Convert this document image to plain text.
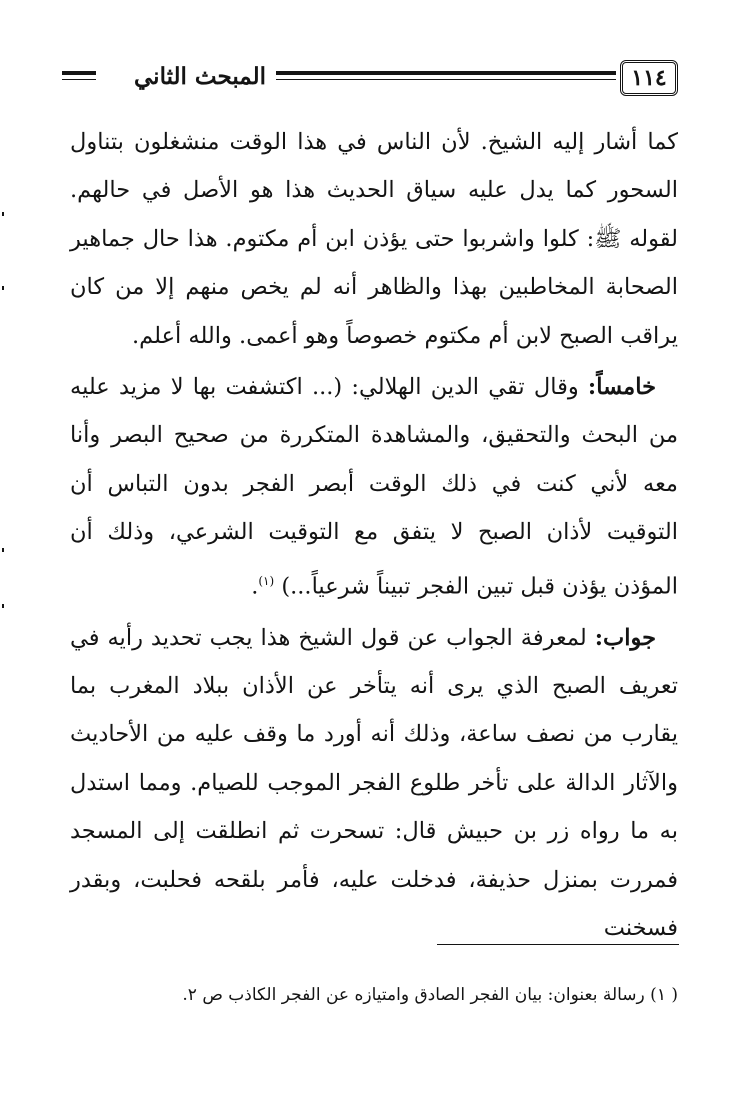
١١٤
المبحث الثاني

كما أشار إليه الشيخ. لأن الناس في هذا الوقت منشغلون بتناول السحور كما يدل عليه سياق الحديث هذا هو الأصل في حالهم. لقوله ﷺ: كلوا واشربوا حتى يؤذن ابن أم مكتوم. هذا حال جماهير الصحابة المخاطبين بهذا والظاهر أنه لم يخص منهم إلا من كان يراقب الصبح لابن أم مكتوم خصوصاً وهو أعمى. والله أعلم.

خامساً: وقال تقي الدين الهلالي: (... اكتشفت بها لا مزيد عليه من البحث والتحقيق، والمشاهدة المتكررة من صحيح البصر وأنا معه لأني كنت في ذلك الوقت أبصر الفجر بدون التباس أن التوقيت لأذان الصبح لا يتفق مع التوقيت الشرعي، وذلك أن المؤذن يؤذن قبل تبين الفجر تبيناً شرعياً...) $^{(١)}$.

جواب: لمعرفة الجواب عن قول الشيخ هذا يجب تحديد رأيه في تعريف الصبح الذي يرى أنه يتأخر عن الأذان ببلاد المغرب بما يقارب من نصف ساعة، وذلك أنه أورد ما وقف عليه من الأحاديث والآثار الدالة على تأخر طلوع الفجر الموجب للصيام. ومما استدل به ما رواه زر بن حبيش قال: تسحرت ثم انطلقت إلى المسجد فمررت بمنزل حذيفة، فدخلت عليه، فأمر بلقحه فحلبت، وبقدر فسخنت

( ١) رسالة بعنوان: بيان الفجر الصادق وامتيازه عن الفجر الكاذب ص ٢.
